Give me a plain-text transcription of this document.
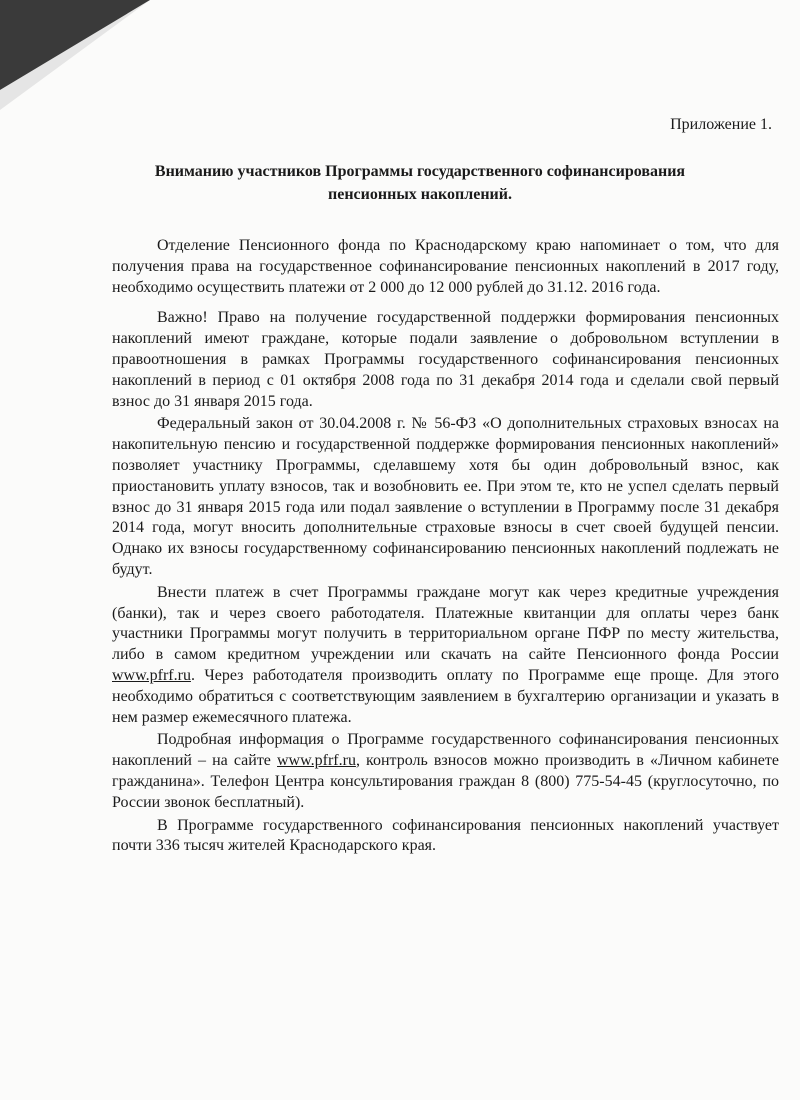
Приложение 1.
Вниманию участников Программы государственного софинансирования
пенсионных накоплений.

Отделение Пенсионного фонда по Краснодарскому краю напоминает о том, что для получения права на государственное софинансирование пенсионных накоплений в 2017 году, необходимо осуществить платежи от 2 000 до 12 000 рублей до 31.12. 2016 года.

Важно! Право на получение государственной поддержки формирования пенсионных накоплений имеют граждане, которые подали заявление о добровольном вступлении в правоотношения в рамках Программы государственного софинансирования пенсионных накоплений в период с 01 октября 2008 года по 31 декабря 2014 года и сделали свой первый взнос до 31 января 2015 года.

Федеральный закон от 30.04.2008 г. № 56-ФЗ «О дополнительных страховых взносах на накопительную пенсию и государственной поддержке формирования пенсионных накоплений» позволяет участнику Программы, сделавшему хотя бы один добровольный взнос, как приостановить уплату взносов, так и возобновить ее. При этом те, кто не успел сделать первый взнос до 31 января 2015 года или подал заявление о вступлении в Программу после 31 декабря 2014 года, могут вносить дополнительные страховые взносы в счет своей будущей пенсии. Однако их взносы государственному софинансированию пенсионных накоплений подлежать не будут.

Внести платеж в счет Программы граждане могут как через кредитные учреждения (банки), так и через своего работодателя. Платежные квитанции для оплаты через банк участники Программы могут получить в территориальном органе ПФР по месту жительства, либо в самом кредитном учреждении или скачать на сайте Пенсионного фонда России www.pfrf.ru. Через работодателя производить оплату по Программе еще проще. Для этого необходимо обратиться с соответствующим заявлением в бухгалтерию организации и указать в нем размер ежемесячного платежа.

Подробная информация о Программе государственного софинансирования пенсионных накоплений – на сайте www.pfrf.ru, контроль взносов можно производить в «Личном кабинете гражданина». Телефон Центра консультирования граждан 8 (800) 775-54-45 (круглосуточно, по России звонок бесплатный).

В Программе государственного софинансирования пенсионных накоплений участвует почти 336 тысяч жителей Краснодарского края.
